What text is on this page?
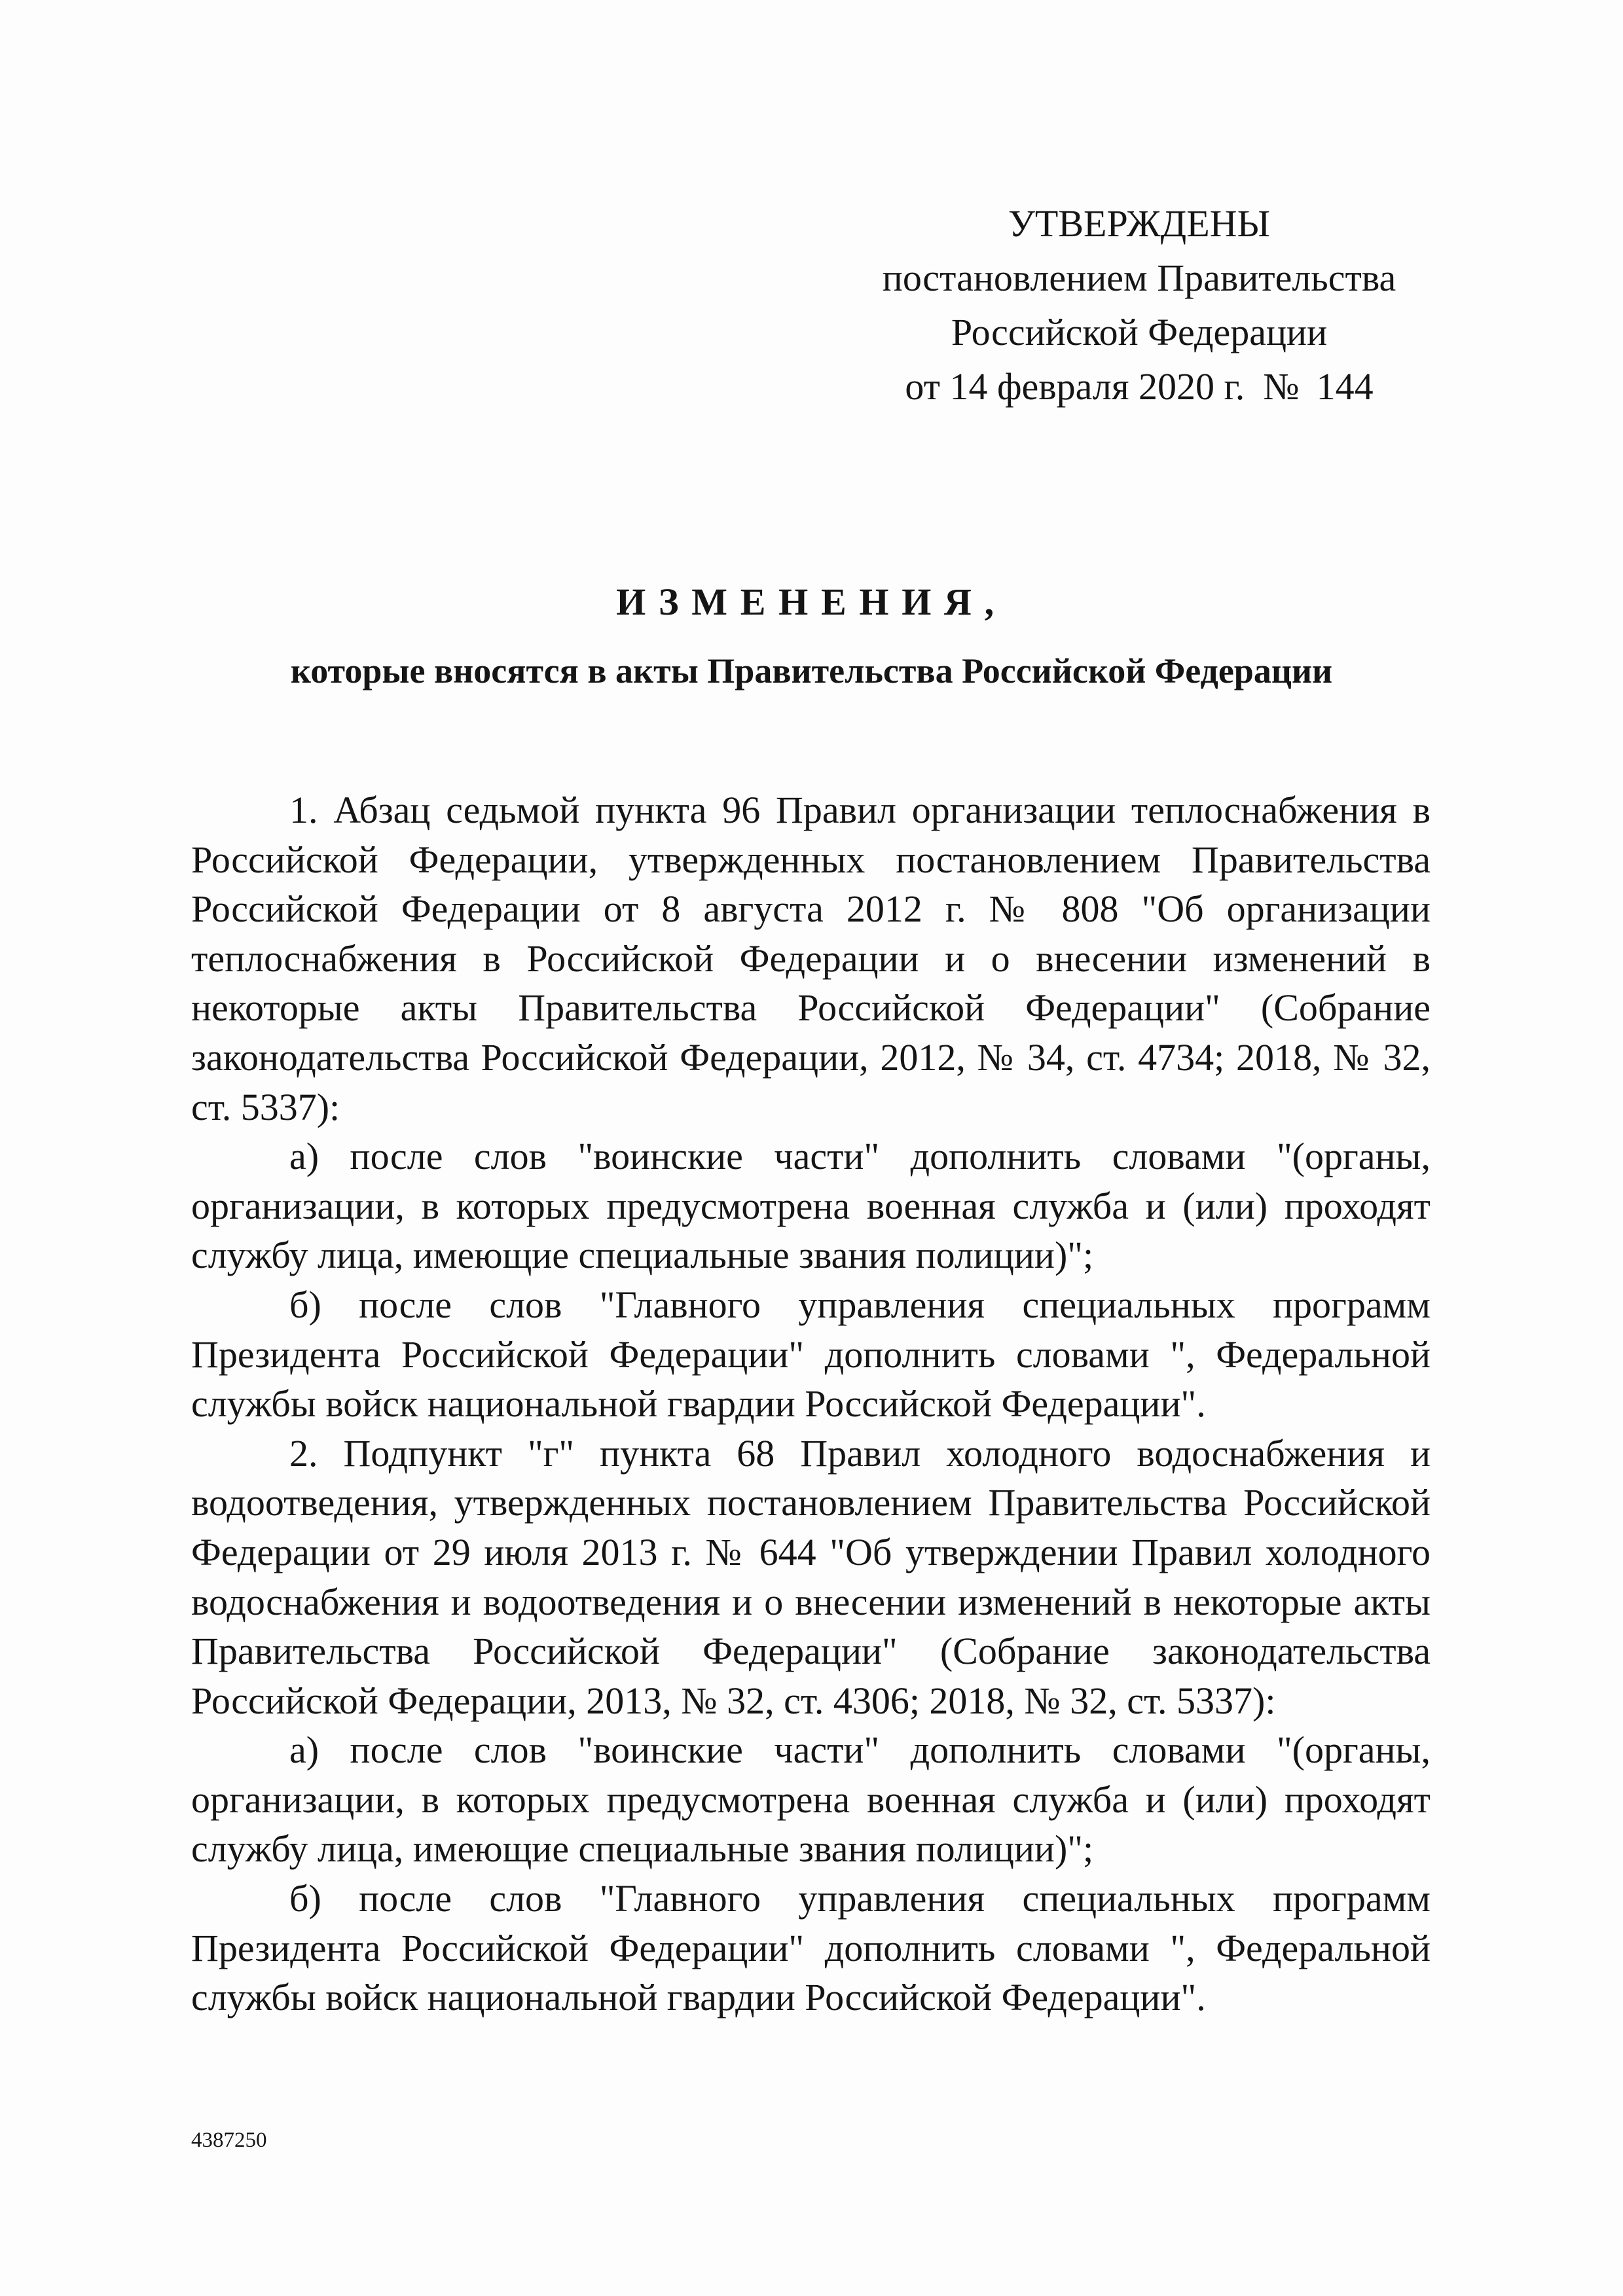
УТВЕРЖДЕНЫ
постановлением Правительства
Российской Федерации
от 14 февраля 2020 г. № 144
ИЗМЕНЕНИЯ,
которые вносятся в акты Правительства Российской Федерации

1. Абзац седьмой пункта 96 Правил организации теплоснабжения в Российской Федерации, утвержденных постановлением Правительства Российской Федерации от 8 августа 2012 г. № 808 "Об организации теплоснабжения в Российской Федерации и о внесении изменений в некоторые акты Правительства Российской Федерации" (Собрание законодательства Российской Федерации, 2012, № 34, ст. 4734; 2018, № 32, ст. 5337):

а) после слов "воинские части" дополнить словами "(органы, организации, в которых предусмотрена военная служба и (или) проходят службу лица, имеющие специальные звания полиции)";

б) после слов "Главного управления специальных программ Президента Российской Федерации" дополнить словами ", Федеральной службы войск национальной гвардии Российской Федерации".

2. Подпункт "г" пункта 68 Правил холодного водоснабжения и водоотведения, утвержденных постановлением Правительства Российской Федерации от 29 июля 2013 г. № 644 "Об утверждении Правил холодного водоснабжения и водоотведения и о внесении изменений в некоторые акты Правительства Российской Федерации" (Собрание законодательства Российской Федерации, 2013, № 32, ст. 4306; 2018, № 32, ст. 5337):

а) после слов "воинские части" дополнить словами "(органы, организации, в которых предусмотрена военная служба и (или) проходят службу лица, имеющие специальные звания полиции)";

б) после слов "Главного управления специальных программ Президента Российской Федерации" дополнить словами ", Федеральной службы войск национальной гвардии Российской Федерации".

4387250
